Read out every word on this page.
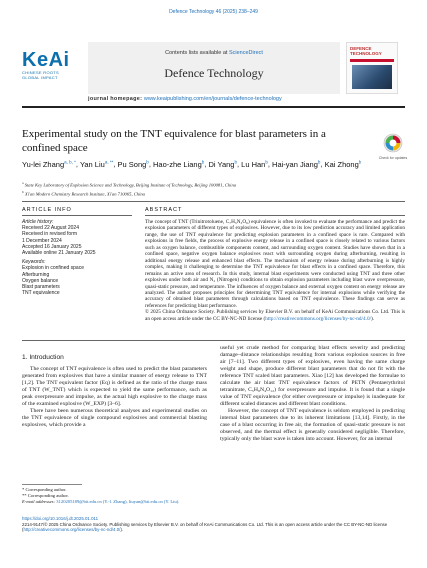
Defence Technology 46 (2025) 238–249
KeAi
CHINESE ROOTS
GLOBAL IMPACT
Contents lists available at ScienceDirect
Defence Technology
DEFENCE
TECHNOLOGY
journal homepage: www.keaipublishing.com/en/journals/defence-technology
Experimental study on the TNT equivalence for blast parameters in a confined space
Check for updates
Yu-lei Zhang$^{a, b, *}$, Yan Liu$^{a, **}$, Pu Song$^b$, Hao-zhe Liang$^b$, Di Yang$^b$, Lu Han$^b$, Hai-yan Jiang$^b$, Kai Zhong$^b$
$^a$ State Key Laboratory of Explosion Science and Technology, Beijing Institute of Technology, Beijing 100081, China
$^b$ Xi'an Modern Chemistry Research Institute, Xi'an 710065, China
ARTICLE INFO	ABSTRACT
Article history:
Received 22 August 2024
Received in revised form
1 December 2024
Accepted 16 January 2025
Available online 21 January 2025
Keywords:
Explosion in confined space
Afterburning
Oxygen balance
Blast parameters
TNT equivalence

The concept of TNT (Trinitrotoluene, C₇H₅N₃O₆) equivalence is often invoked to evaluate the performance and predict the explosion parameters of different types of explosives. However, due to its low prediction accuracy and limited application range, the use of TNT equivalence for predicting explosion parameters in a confined space is rare. Compared with explosions in free fields, the process of explosive energy release in a confined space is closely related to various factors such as oxygen balance, combustible components content, and surrounding oxygen content. Studies have shown that in a confined space, negative oxygen balance explosives react with surrounding oxygen during afterburning, resulting in additional energy release and enhanced blast effects. The mechanism of energy release during afterburning is highly complex, making it challenging to determine the TNT equivalence for blast effects in a confined space. Therefore, this remains an active area of research. In this study, internal blast experiments were conducted using TNT and three other explosives under both air and N₂ (Nitrogen) conditions to obtain explosion parameters including blast wave overpressure, quasi-static pressure, and temperature. The influences of oxygen balance and external oxygen content on energy release are analyzed. The author proposes principles for determining TNT equivalence for internal explosions while verifying the accuracy of obtained blast parameters through calculations based on TNT equivalence. These findings can serve as references for predicting blast performance.

© 2025 China Ordnance Society. Publishing services by Elsevier B.V. on behalf of KeAi Communications Co. Ltd. This is an open access article under the CC BY-NC-ND license (http://creativecommons.org/licenses/by-nc-nd/4.0/).

1. Introduction

The concept of TNT equivalence is often used to predict the blast parameters generated from explosives that have a similar manner of energy release to TNT [1,2]. The TNT equivalent factor (Eq) is defined as the ratio of the charge mass of TNT (W_TNT) which is expected to yield the same performance, such as peak overpressure and impulse, as the actual high explosive to the charge mass of the examined explosive (W_EXP) [3–6].

There have been numerous theoretical analyses and experimental studies on the TNT equivalence of single compound explosives and commercial blasting explosives, which provide a

useful yet crude method for comparing blast effects severity and predicting damage–distance relationships resulting from various explosion sources in free air [7–11]. Two different types of explosives, even having the same charge weight and shape, produce different blast parameters that do not fit with the reference TNT scaled blast parameters. Xiao [12] has developed the formulae to calculate the air blast TNT equivalence factors of PETN (Pentaerythritol tetranitrate, C₅H₈N₄O₁₂) for overpressure and impulse. It is found that a single value of TNT equivalence (for either overpressure or impulse) is inadequate for different scaled distances and different blast conditions.

However, the concept of TNT equivalence is seldom employed in predicting internal blast parameters due to its inherent limitations [13,14]. Firstly, in the case of a blast occurring in free air, the formation of quasi-static pressure is not observed, and the thermal effect is generally considered negligible. Therefore, typically only the blast wave is taken into account. However, for an internal

* Corresponding author.
** Corresponding author.
E-mail addresses: 3120205189@bit.edu.cn (Y.-l. Zhang), liuyan@bit.edu.cn (Y. Liu).
https://doi.org/10.1016/j.dt.2025.01.011
2214-9147/© 2025 China Ordnance Society. Publishing services by Elsevier B.V. on behalf of KeAi Communications Co. Ltd. This is an open access article under the CC BY-NC-ND license (http://creativecommons.org/licenses/by-nc-nd/4.0/).
